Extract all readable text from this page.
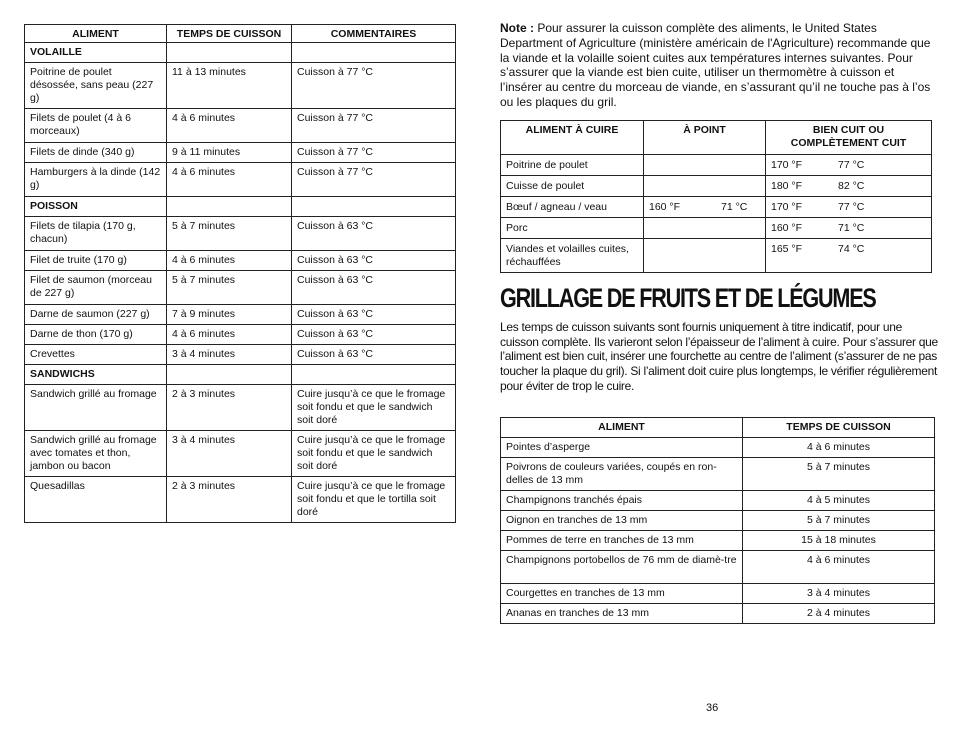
ALIMENT	TEMPS DE CUISSON	COMMENTAIRES
VOLAILLE		
Poitrine de poulet désossée, sans peau (227 g)	11 à 13 minutes	Cuisson à 77 °C
Filets de poulet (4 à 6 morceaux)	4 à 6 minutes	Cuisson à 77 °C
Filets de dinde (340 g)	9 à 11 minutes	Cuisson à 77 °C
Hamburgers à la dinde (142 g)	4 à 6 minutes	Cuisson à 77 °C
POISSON		
Filets de tilapia (170 g, chacun)	5 à 7 minutes	Cuisson à 63 °C
Filet de truite (170 g)	4 à 6 minutes	Cuisson à 63 °C
Filet de saumon (morceau de 227 g)	5 à 7 minutes	Cuisson à 63 °C
Darne de saumon (227 g)	7 à 9 minutes	Cuisson à 63 °C
Darne de thon (170 g)	4 à 6 minutes	Cuisson à 63 °C
Crevettes	3 à 4 minutes	Cuisson à 63 °C
SANDWICHS		
Sandwich grillé au fromage	2 à 3 minutes	Cuire jusqu’à ce que le fromage soit fondu et que le sandwich soit doré
Sandwich grillé au fromage avec tomates et thon, jambon ou bacon	3 à 4 minutes	Cuire jusqu’à ce que le fromage soit fondu et que le sandwich soit doré
Quesadillas	2 à 3 minutes	Cuire jusqu’à ce que le fromage soit fondu et que le tortilla soit doré
Note : Pour assurer la cuisson complète des aliments, le United States Department of Agriculture (ministère américain de l'Agriculture) recommande que la viande et la volaille soient cuites aux températures internes suivantes. Pour s’assurer que la viande est bien cuite, utiliser un thermomètre à cuisson et l’insérer au centre du morceau de viande, en s’assurant qu’il ne touche pas à l’os ou les plaques du gril.
ALIMENT À CUIRE	À POINT	BIEN CUIT OU COMPLÈTEMENT CUIT
Poitrine de poulet		170 °F 77 °C

Cuisse de poulet		180 °F 82 °C

Bœuf / agneau / veau	160 °F 71 °C	170 °F 77 °C

Porc		160 °F 71 °C

Viandes et volailles cuites, réchauffées		165 °F 74 °C
GRILLAGE DE FRUITS ET DE LÉGUMES
Les temps de cuisson suivants sont fournis uniquement à titre indicatif, pour une cuisson complète. Ils varieront selon l’épaisseur de l’aliment à cuire. Pour s’assurer que l’aliment est bien cuit, insérer une fourchette au centre de l’aliment (s’assurer de ne pas toucher la plaque du gril). Si l’aliment doit cuire plus longtemps, le vérifier régulièrement pour éviter de trop le cuire.
ALIMENT	TEMPS DE CUISSON
Pointes d’asperge	4 à 6 minutes
Poivrons de couleurs variées, coupés en ron-delles de 13 mm	5 à 7 minutes
Champignons tranchés épais	4 à 5 minutes
Oignon en tranches de 13 mm	5 à 7 minutes
Pommes de terre en tranches de 13 mm	15 à 18 minutes
Champignons portobellos de 76 mm de diamè-tre	4 à 6 minutes
Courgettes en tranches de 13 mm	3 à 4 minutes
Ananas en tranches de 13 mm	2 à 4 minutes
36
